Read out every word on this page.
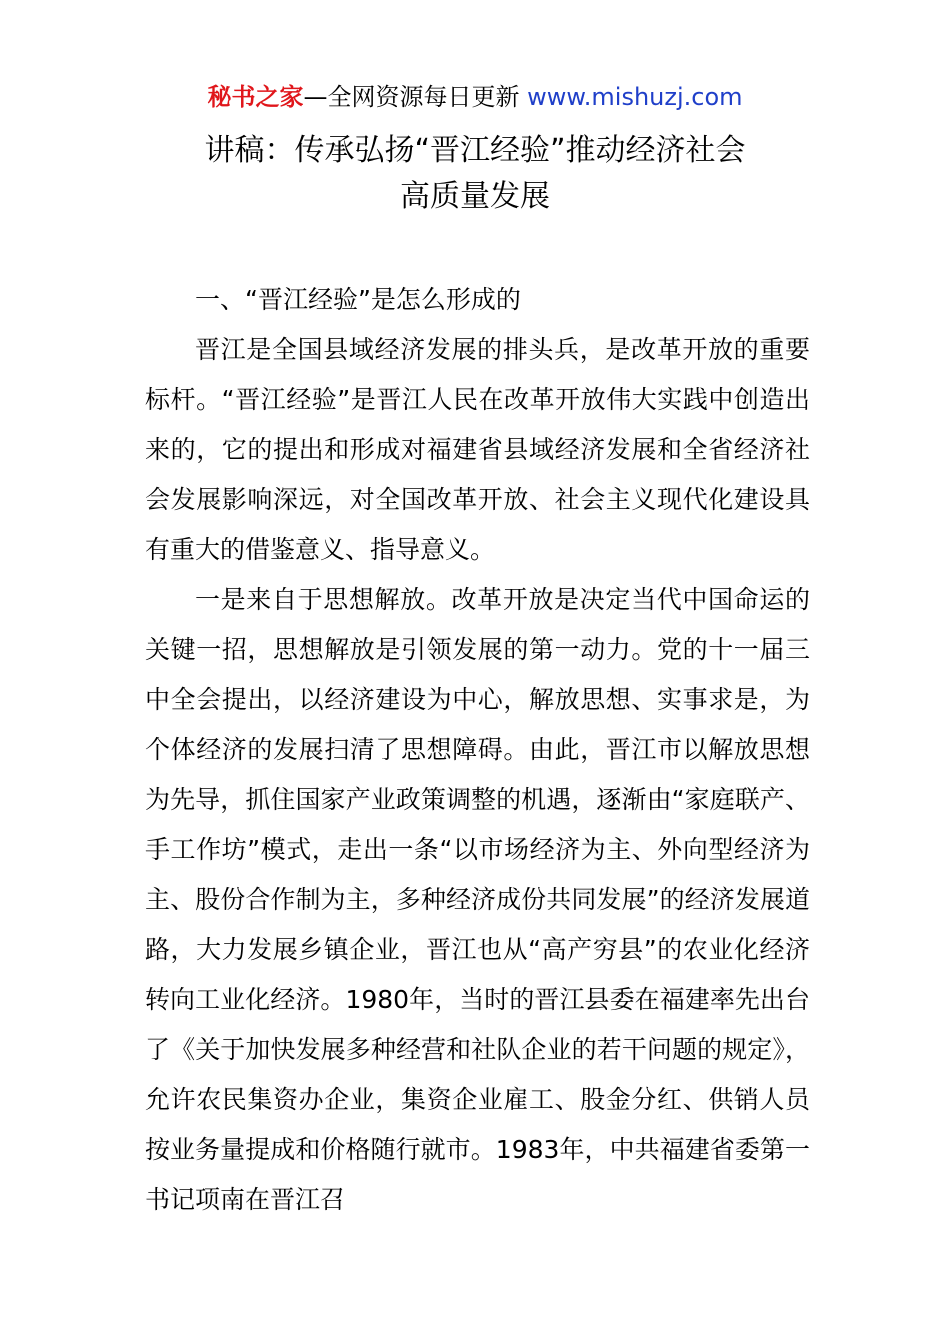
秘书之家—全网资源每日更新 www.mishuzj.com
讲稿：传承弘扬“晋江经验”推动经济社会
高质量发展

一、“晋江经验”是怎么形成的

晋江是全国县域经济发展的排头兵，是改革开放的重要标杆。“晋江经验”是晋江人民在改革开放伟大实践中创造出来的，它的提出和形成对福建省县域经济发展和全省经济社会发展影响深远，对全国改革开放、社会主义现代化建设具有重大的借鉴意义、指导意义。

一是来自于思想解放。改革开放是决定当代中国命运的关键一招，思想解放是引领发展的第一动力。党的十一届三中全会提出，以经济建设为中心，解放思想、实事求是，为个体经济的发展扫清了思想障碍。由此，晋江市以解放思想为先导，抓住国家产业政策调整的机遇，逐渐由“家庭联产、手工作坊”模式，走出一条“以市场经济为主、外向型经济为主、股份合作制为主，多种经济成份共同发展”的经济发展道路，大力发展乡镇企业，晋江也从“高产穷县”的农业化经济转向工业化经济。1980年，当时的晋江县委在福建率先出台了《关于加快发展多种经营和社队企业的若干问题的规定》，允许农民集资办企业，集资企业雇工、股金分红、供销人员按业务量提成和价格随行就市。1983年，中共福建省委第一书记项南在晋江召
